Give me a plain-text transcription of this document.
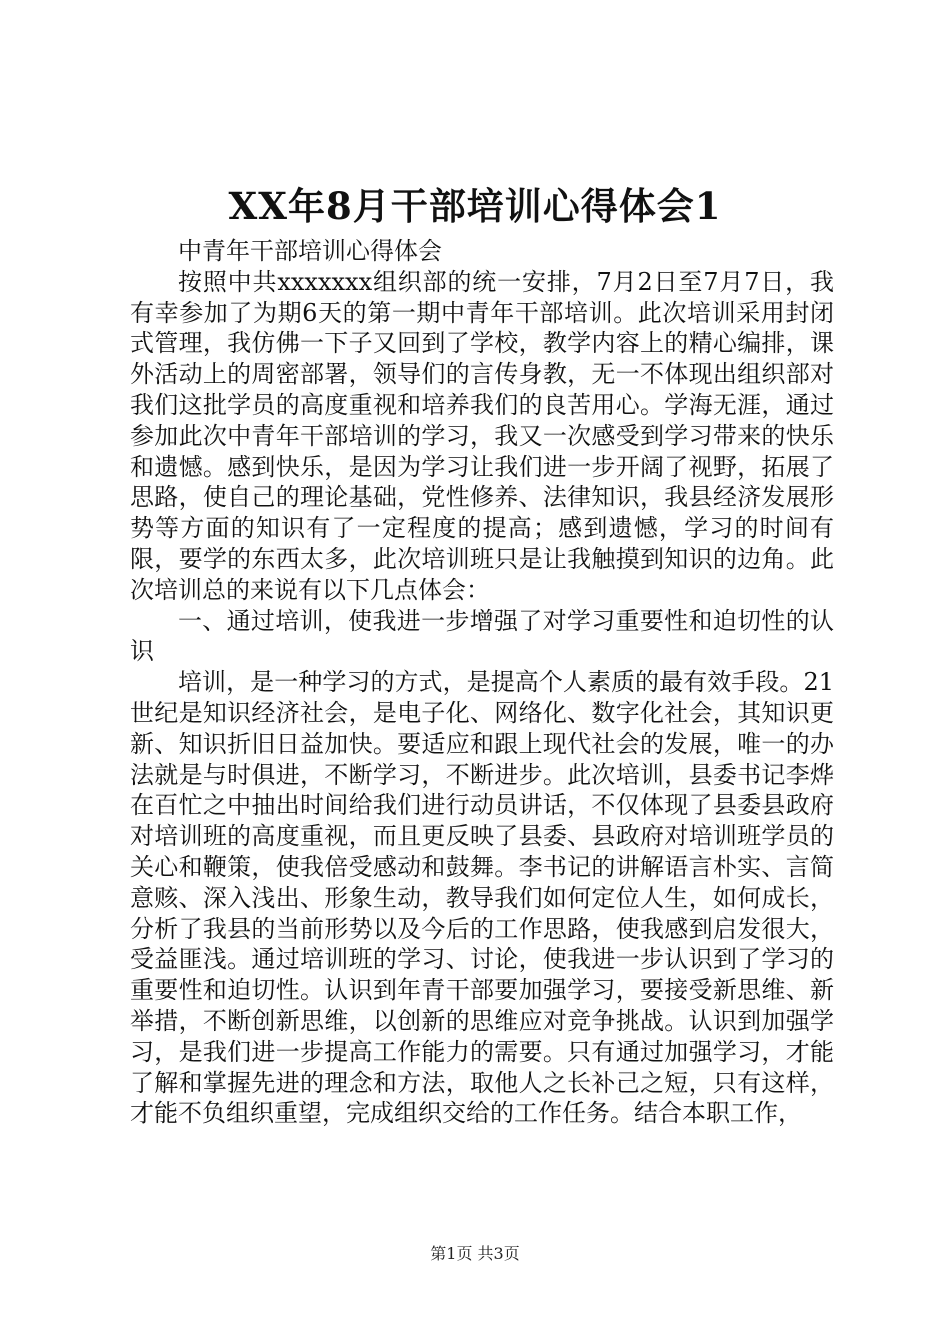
XX年8月干部培训心得体会1

中青年干部培训心得体会

按照中共xxxxxxx组织部的统一安排，7月2日至7月7日，我有幸参加了为期6天的第一期中青年干部培训。此次培训采用封闭式管理，我仿佛一下子又回到了学校，教学内容上的精心编排，课外活动上的周密部署，领导们的言传身教，无一不体现出组织部对我们这批学员的高度重视和培养我们的良苦用心。学海无涯，通过参加此次中青年干部培训的学习，我又一次感受到学习带来的快乐和遗憾。感到快乐，是因为学习让我们进一步开阔了视野，拓展了思路，使自己的理论基础，党性修养、法律知识，我县经济发展形势等方面的知识有了一定程度的提高；感到遗憾，学习的时间有限，要学的东西太多，此次培训班只是让我触摸到知识的边角。此次培训总的来说有以下几点体会：

一、通过培训，使我进一步增强了对学习重要性和迫切性的认识

培训，是一种学习的方式，是提高个人素质的最有效手段。21世纪是知识经济社会，是电子化、网络化、数字化社会，其知识更新、知识折旧日益加快。要适应和跟上现代社会的发展，唯一的办法就是与时俱进，不断学习，不断进步。此次培训，县委书记李烨在百忙之中抽出时间给我们进行动员讲话，不仅体现了县委县政府对培训班的高度重视，而且更反映了县委、县政府对培训班学员的关心和鞭策，使我倍受感动和鼓舞。李书记的讲解语言朴实、言简意赅、深入浅出、形象生动，教导我们如何定位人生，如何成长，分析了我县的当前形势以及今后的工作思路，使我感到启发很大，受益匪浅。通过培训班的学习、讨论，使我进一步认识到了学习的重要性和迫切性。认识到年青干部要加强学习，要接受新思维、新举措，不断创新思维，以创新的思维应对竞争挑战。认识到加强学习，是我们进一步提高工作能力的需要。只有通过加强学习，才能了解和掌握先进的理念和方法，取他人之长补己之短，只有这样，才能不负组织重望，完成组织交给的工作任务。结合本职工作，

第1页 共3页
